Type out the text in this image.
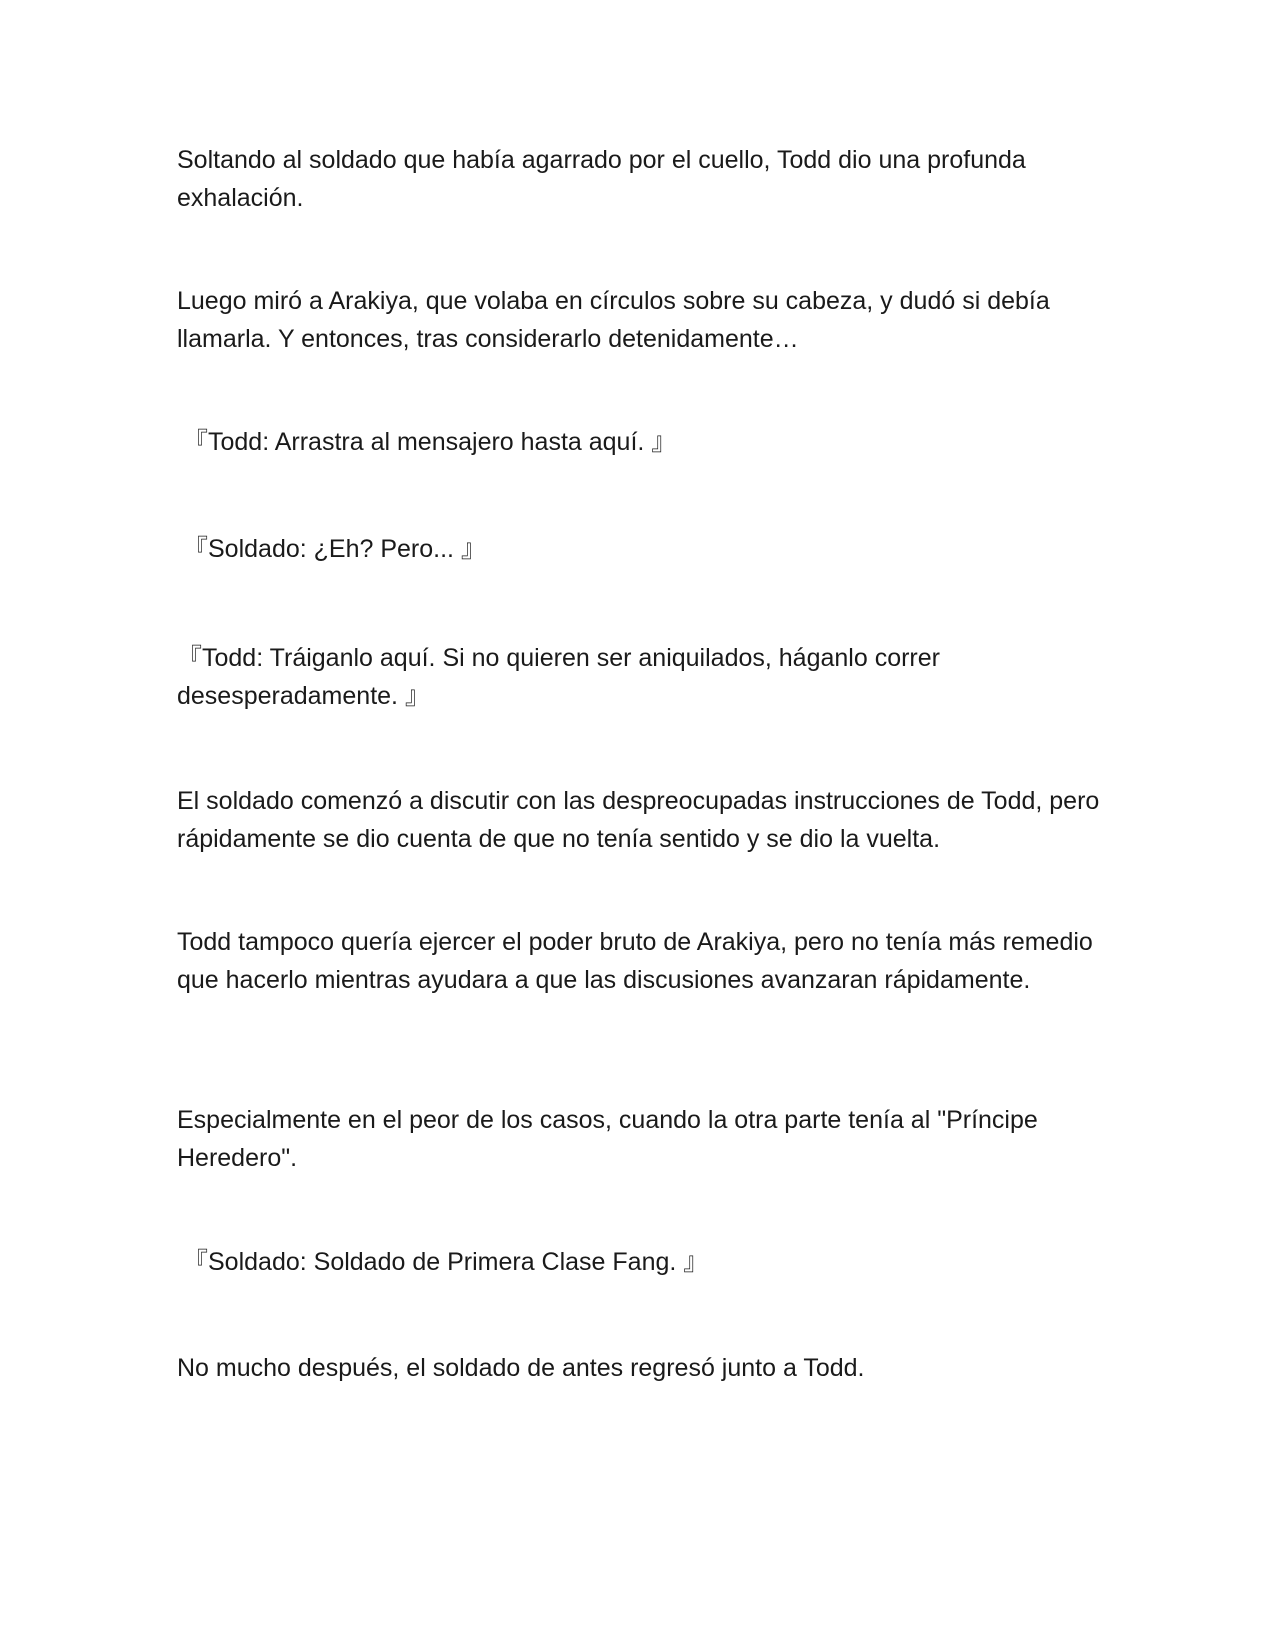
Soltando al soldado que había agarrado por el cuello, Todd dio una profunda exhalación.

Luego miró a Arakiya, que volaba en círculos sobre su cabeza, y dudó si debía llamarla. Y entonces, tras considerarlo detenidamente…

『Todd: Arrastra al mensajero hasta aquí. 』

『Soldado: ¿Eh? Pero... 』

『Todd: Tráiganlo aquí. Si no quieren ser aniquilados, háganlo correr desesperadamente. 』

El soldado comenzó a discutir con las despreocupadas instrucciones de Todd, pero rápidamente se dio cuenta de que no tenía sentido y se dio la vuelta.

Todd tampoco quería ejercer el poder bruto de Arakiya, pero no tenía más remedio que hacerlo mientras ayudara a que las discusiones avanzaran rápidamente.

Especialmente en el peor de los casos, cuando la otra parte tenía al "Príncipe Heredero".

『Soldado: Soldado de Primera Clase Fang. 』

No mucho después, el soldado de antes regresó junto a Todd.
